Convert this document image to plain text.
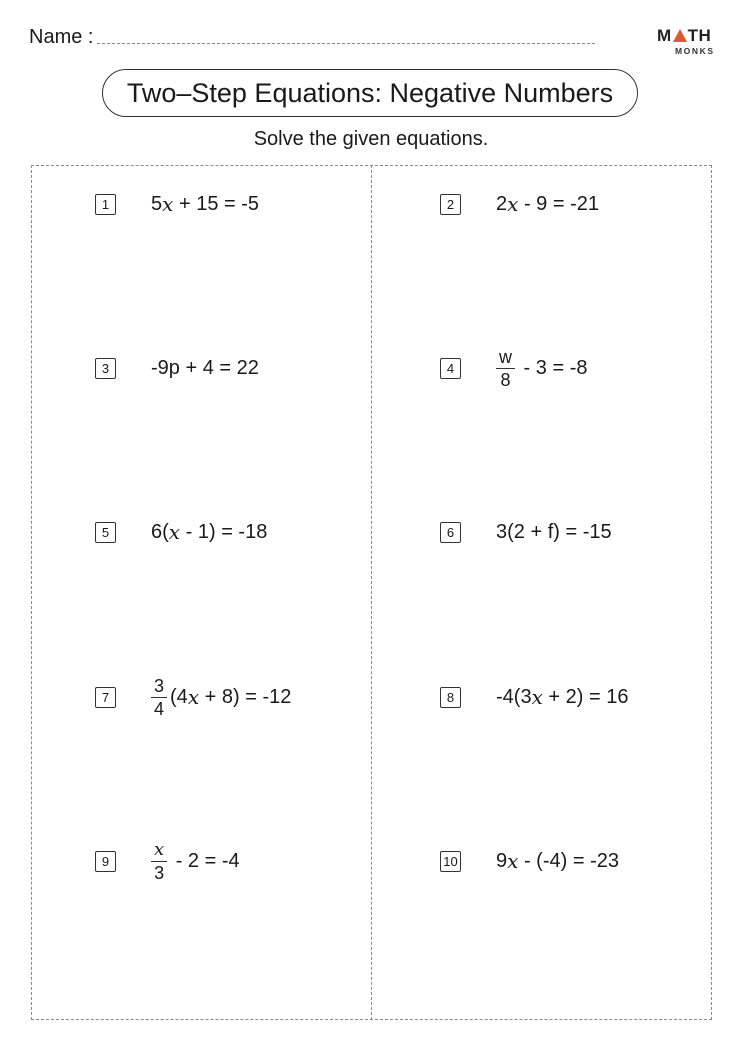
Name :	M TH
MONKS
Two–Step Equations: Negative Numbers
Solve the given equations.
1	5 x + 15 = -5	2	2 x - 9 = -21
3	-9p + 4 = 22	4	$\frac{w}{8} - 3 = -8$
5	6( x - 1) = -18	6	3(2 + f) = -15
7	$\frac{3}{4} (4$ x + 8) = -12	8	-4(3 x + 2) = 16
9	$\frac{x}{3} - 2 = -4$	10 9 x - (-4) = -23
